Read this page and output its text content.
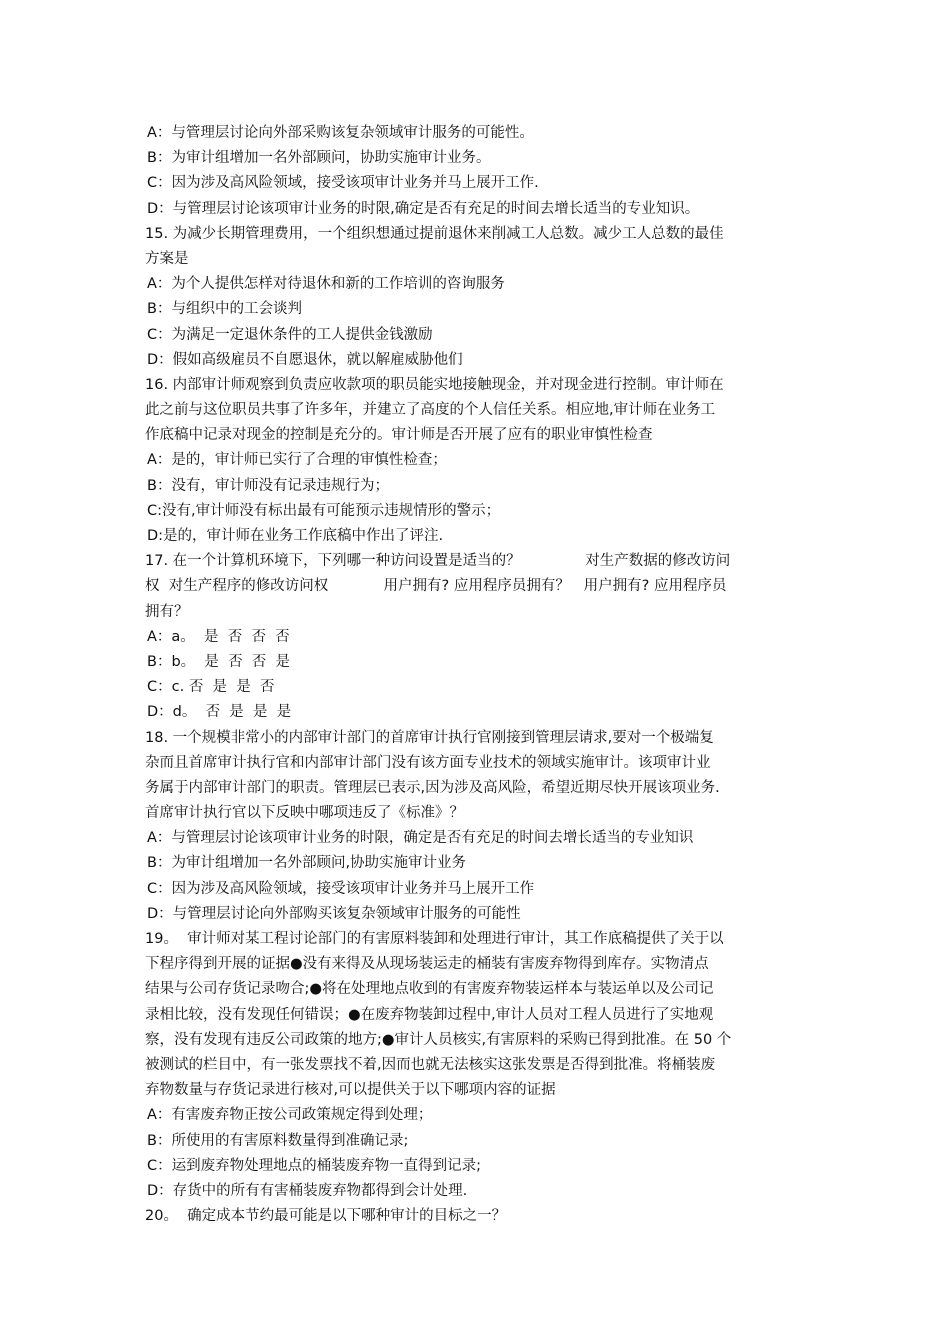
A：与管理层讨论向外部采购该复杂领域审计服务的可能性。
B：为审计组增加一名外部顾问，协助实施审计业务。
C：因为涉及高风险领域，接受该项审计业务并马上展开工作.
D：与管理层讨论该项审计业务的时限,确定是否有充足的时间去增长适当的专业知识。
15. 为减少长期管理费用，一个组织想通过提前退休来削减工人总数。减少工人总数的最佳
方案是
A：为个人提供怎样对待退休和新的工作培训的咨询服务
B：与组织中的工会谈判
C：为满足一定退休条件的工人提供金钱激励
D：假如高级雇员不自愿退休，就以解雇威胁他们
16. 内部审计师观察到负责应收款项的职员能实地接触现金，并对现金进行控制。审计师在
此之前与这位职员共事了许多年，并建立了高度的个人信任关系。相应地,审计师在业务工
作底稿中记录对现金的控制是充分的。审计师是否开展了应有的职业审慎性检查
A：是的，审计师已实行了合理的审慎性检查；
B：没有，审计师没有记录违规行为；
C:没有,审计师没有标出最有可能预示违规情形的警示；
D:是的，审计师在业务工作底稿中作出了评注.
17. 在一个计算机环境下，下列哪一种访问设置是适当的？              对生产数据的修改访问
权  对生产程序的修改访问权            用户拥有? 应用程序员拥有？   用户拥有? 应用程序员
拥有？
A：a。  是  否  否  否
B：b。  是  否  否  是
C：c. 否  是  是  否
D：d。  否  是  是  是
18. 一个规模非常小的内部审计部门的首席审计执行官刚接到管理层请求,要对一个极端复
杂而且首席审计执行官和内部审计部门没有该方面专业技术的领域实施审计。该项审计业
务属于内部审计部门的职责。管理层已表示,因为涉及高风险，希望近期尽快开展该项业务.
首席审计执行官以下反映中哪项违反了《标准》？
A：与管理层讨论该项审计业务的时限，确定是否有充足的时间去增长适当的专业知识
B：为审计组增加一名外部顾问,协助实施审计业务
C：因为涉及高风险领域，接受该项审计业务并马上展开工作
D：与管理层讨论向外部购买该复杂领域审计服务的可能性
19。  审计师对某工程讨论部门的有害原料装卸和处理进行审计，其工作底稿提供了关于以
下程序得到开展的证据●没有来得及从现场装运走的桶装有害废弃物得到库存。实物清点
结果与公司存货记录吻合;●将在处理地点收到的有害废弃物装运样本与装运单以及公司记
录相比较，没有发现任何错误；●在废弃物装卸过程中,审计人员对工程人员进行了实地观
察，没有发现有违反公司政策的地方;●审计人员核实,有害原料的采购已得到批准。在 50 个
被测试的栏目中，有一张发票找不着,因而也就无法核实这张发票是否得到批准。将桶装废
弃物数量与存货记录进行核对,可以提供关于以下哪项内容的证据
A：有害废弃物正按公司政策规定得到处理；
B：所使用的有害原料数量得到准确记录;
C：运到废弃物处理地点的桶装废弃物一直得到记录;
D：存货中的所有有害桶装废弃物都得到会计处理.
20。  确定成本节约最可能是以下哪种审计的目标之一？
